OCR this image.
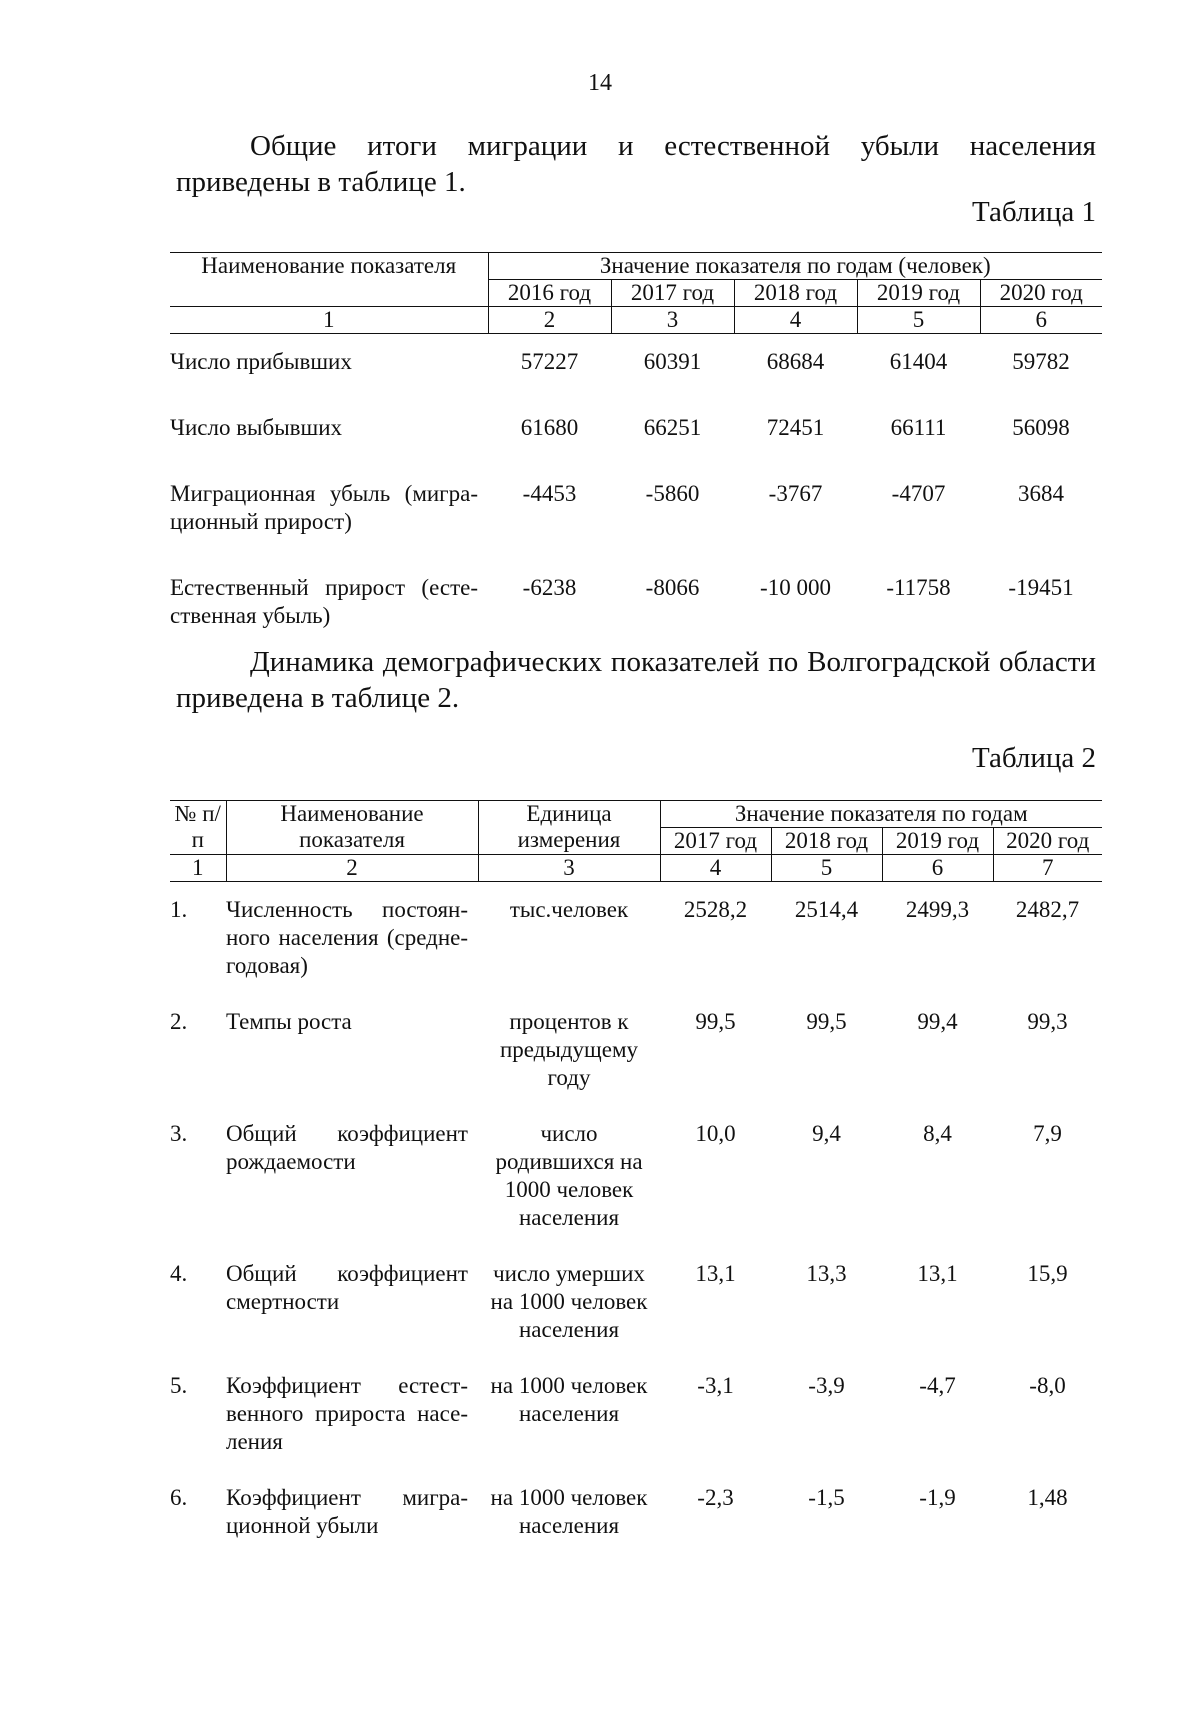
14
Общие итоги миграции и естественной убыли населения приведены в таблице 1.
Таблица 1
Наименование показателя	Значение показателя по годам (человек)				
	2016 год	2017 год	2018 год	2019 год	2020 год
1	2	3	4	5	6
Число прибывших	57227	60391	68684	61404	59782
Число выбывших	61680	66251	72451	66111	56098
Миграционная убыль (мигра-ционный прирост)	-4453	-5860	-3767	-4707	3684
Естественный прирост (есте-ственная убыль)	-6238	-8066	-10 000	-11758	-19451
Динамика демографических показателей по Волгоградской области приведена в таблице 2.
Таблица 2
№ п/п	Наименование показателя	Единица измерения	Значение показателя по годам			
			2017 год	2018 год	2019 год	2020 год
1	2	3	4	5	6	7
1.	Численность постоян-ного населения (средне-годовая)	тыс.человек	2528,2	2514,4	2499,3	2482,7
2.	Темпы роста	процентов к предыдущему году	99,5	99,5	99,4	99,3
3.	Общий коэффициент рождаемости	число родившихся на 1000 человек населения	10,0	9,4	8,4	7,9
4.	Общий коэффициент смертности	число умерших на 1000 человек населения	13,1	13,3	13,1	15,9
5.	Коэффициент естест-венного прироста насе-ления	на 1000 человек населения	-3,1	-3,9	-4,7	-8,0
6.	Коэффициент мигра-ционной убыли	на 1000 человек населения	-2,3	-1,5	-1,9	1,48
